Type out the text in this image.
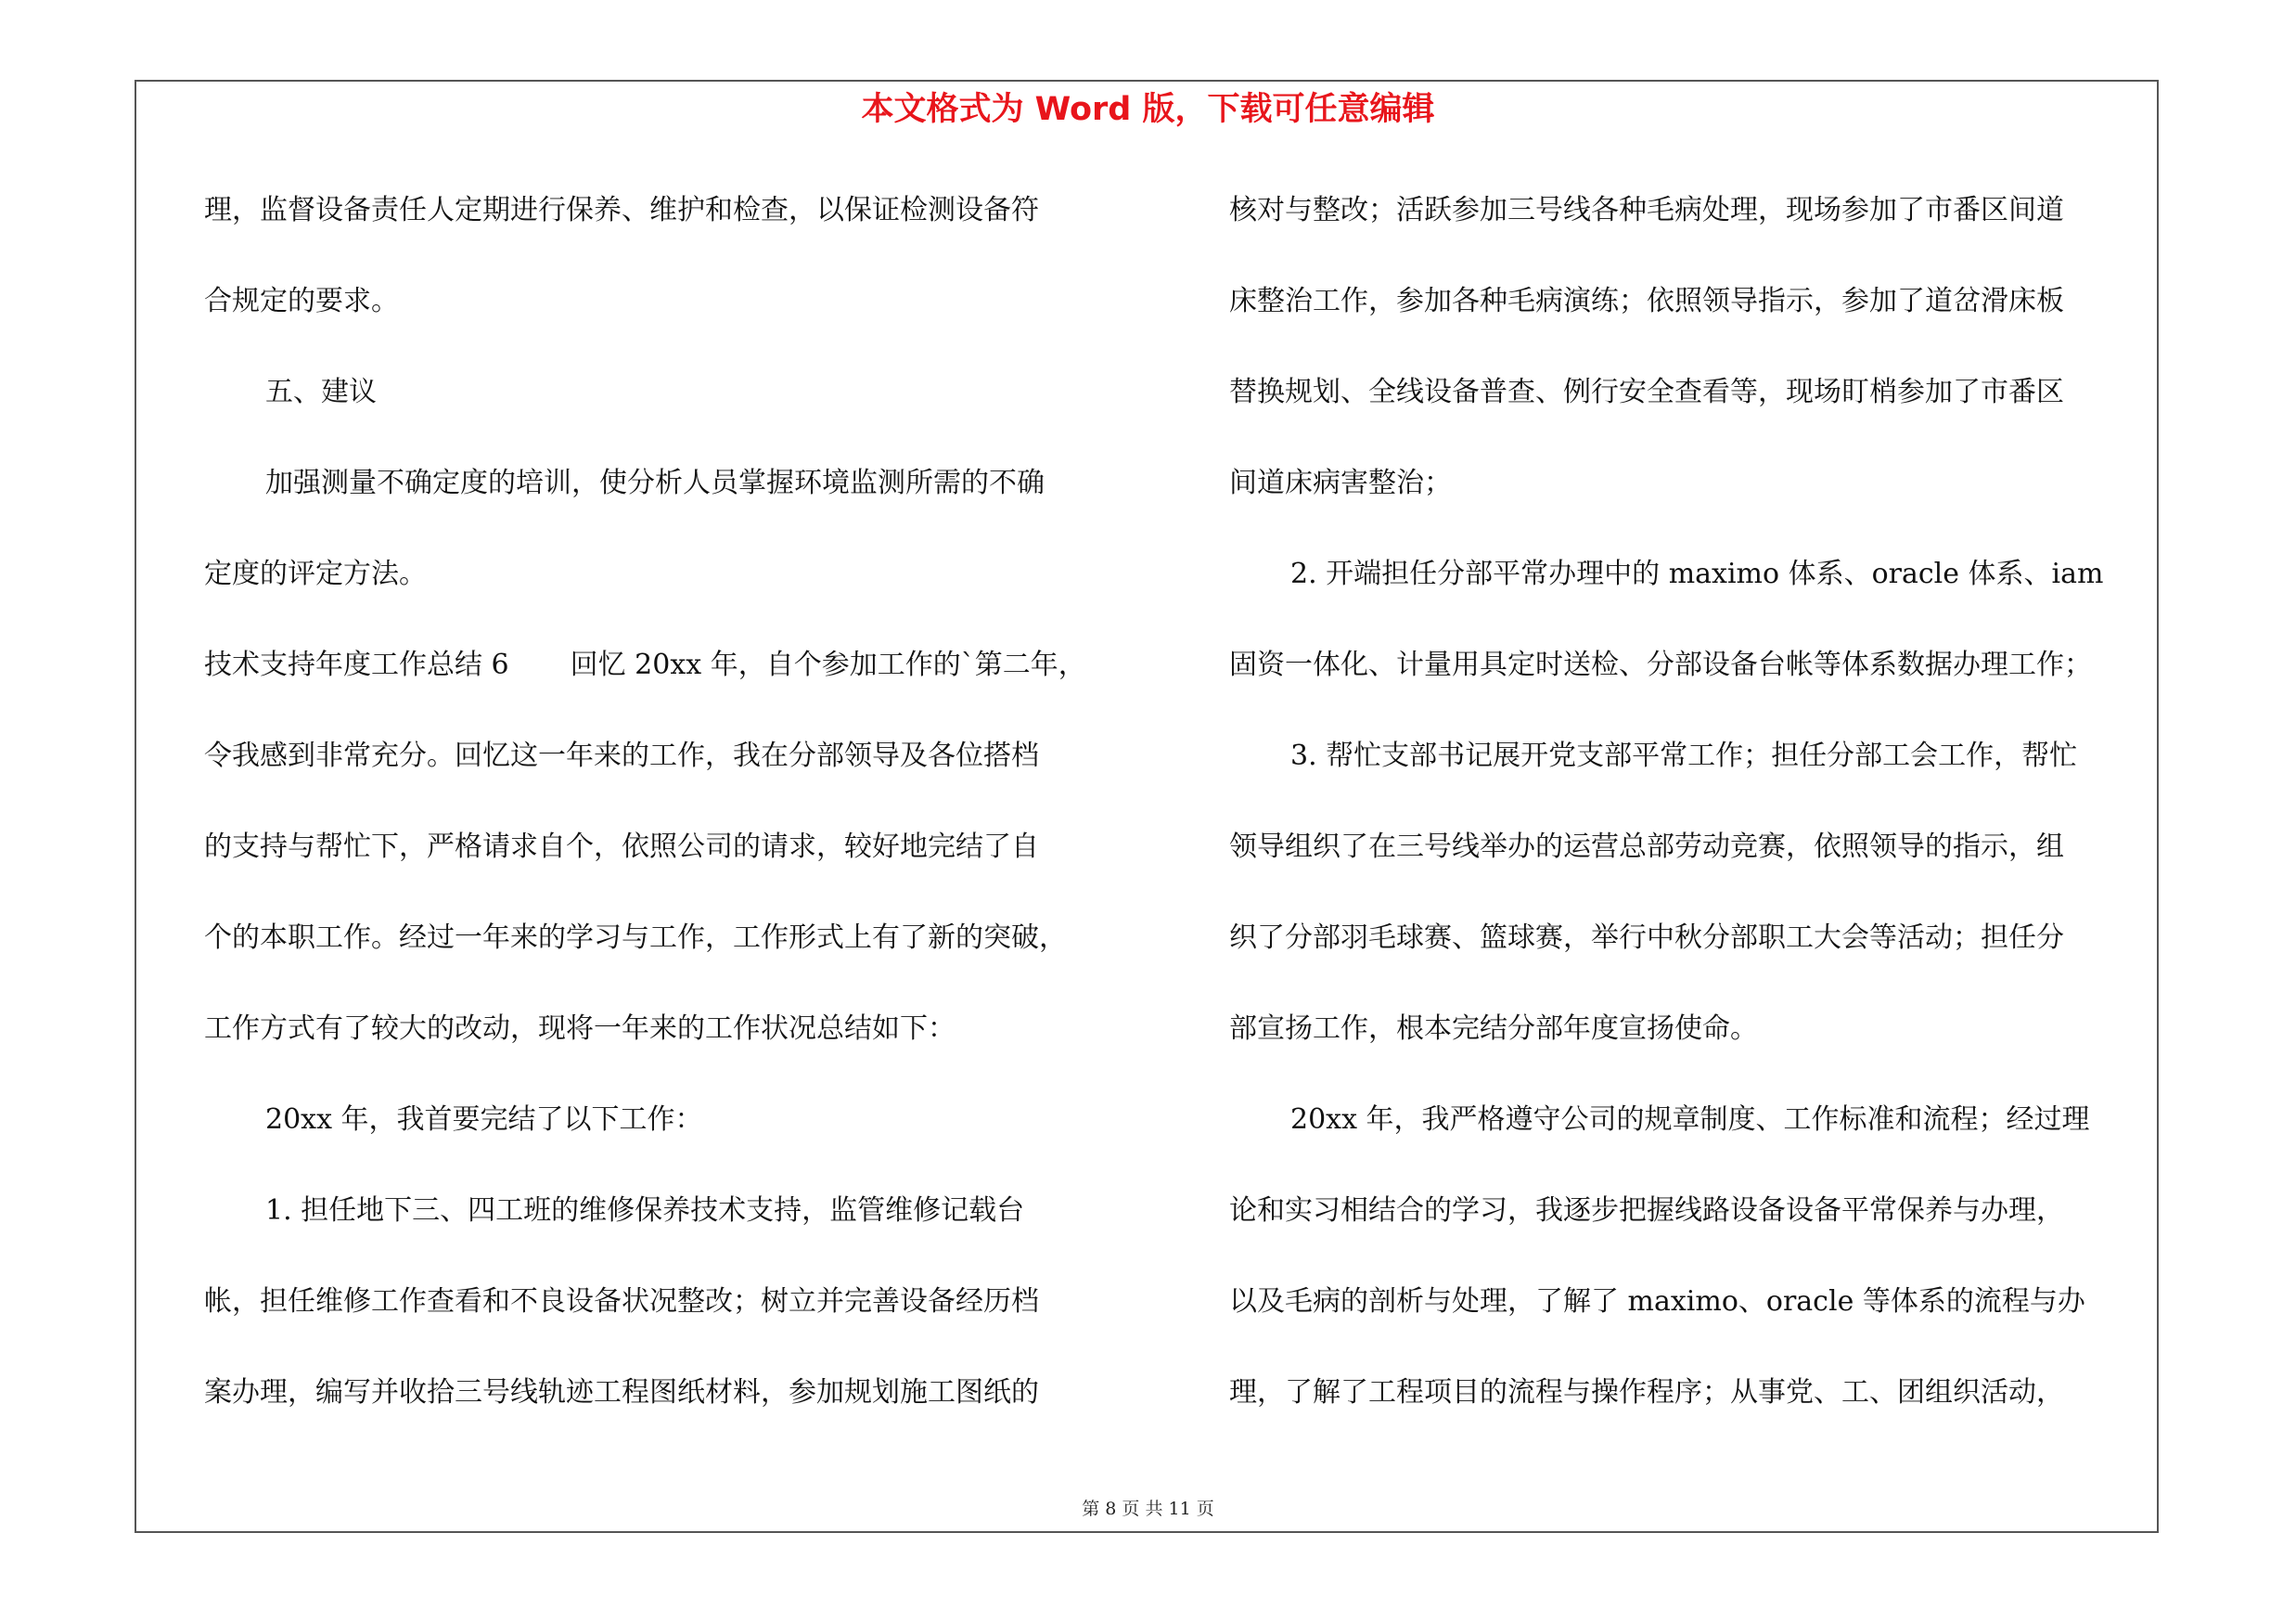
本文格式为 Word 版，下载可任意编辑
理，监督设备责任人定期进行保养、维护和检查，以保证检测设备符
合规定的要求。
五、建议
加强测量不确定度的培训，使分析人员掌握环境监测所需的不确
定度的评定方法。
技术支持年度工作总结 6 回忆 20xx 年，自个参加工作的`第二年，
令我感到非常充分。回忆这一年来的工作，我在分部领导及各位搭档
的支持与帮忙下，严格请求自个，依照公司的请求，较好地完结了自
个的本职工作。经过一年来的学习与工作，工作形式上有了新的突破，
工作方式有了较大的改动，现将一年来的工作状况总结如下：
20xx 年，我首要完结了以下工作：
1. 担任地下三、四工班的维修保养技术支持，监管维修记载台
帐，担任维修工作查看和不良设备状况整改；树立并完善设备经历档
案办理，编写并收拾三号线轨迹工程图纸材料，参加规划施工图纸的
核对与整改；活跃参加三号线各种毛病处理，现场参加了市番区间道
床整治工作，参加各种毛病演练；依照领导指示，参加了道岔滑床板
替换规划、全线设备普查、例行安全查看等，现场盯梢参加了市番区
间道床病害整治；
2. 开端担任分部平常办理中的 maximo 体系、oracle 体系、iam
固资一体化、计量用具定时送检、分部设备台帐等体系数据办理工作；
3. 帮忙支部书记展开党支部平常工作；担任分部工会工作，帮忙
领导组织了在三号线举办的运营总部劳动竞赛，依照领导的指示，组
织了分部羽毛球赛、篮球赛，举行中秋分部职工大会等活动；担任分
部宣扬工作，根本完结分部年度宣扬使命。
20xx 年，我严格遵守公司的规章制度、工作标准和流程；经过理
论和实习相结合的学习，我逐步把握线路设备设备平常保养与办理，
以及毛病的剖析与处理，了解了 maximo、oracle 等体系的流程与办
理，了解了工程项目的流程与操作程序；从事党、工、团组织活动，
第 8 页 共 11 页
